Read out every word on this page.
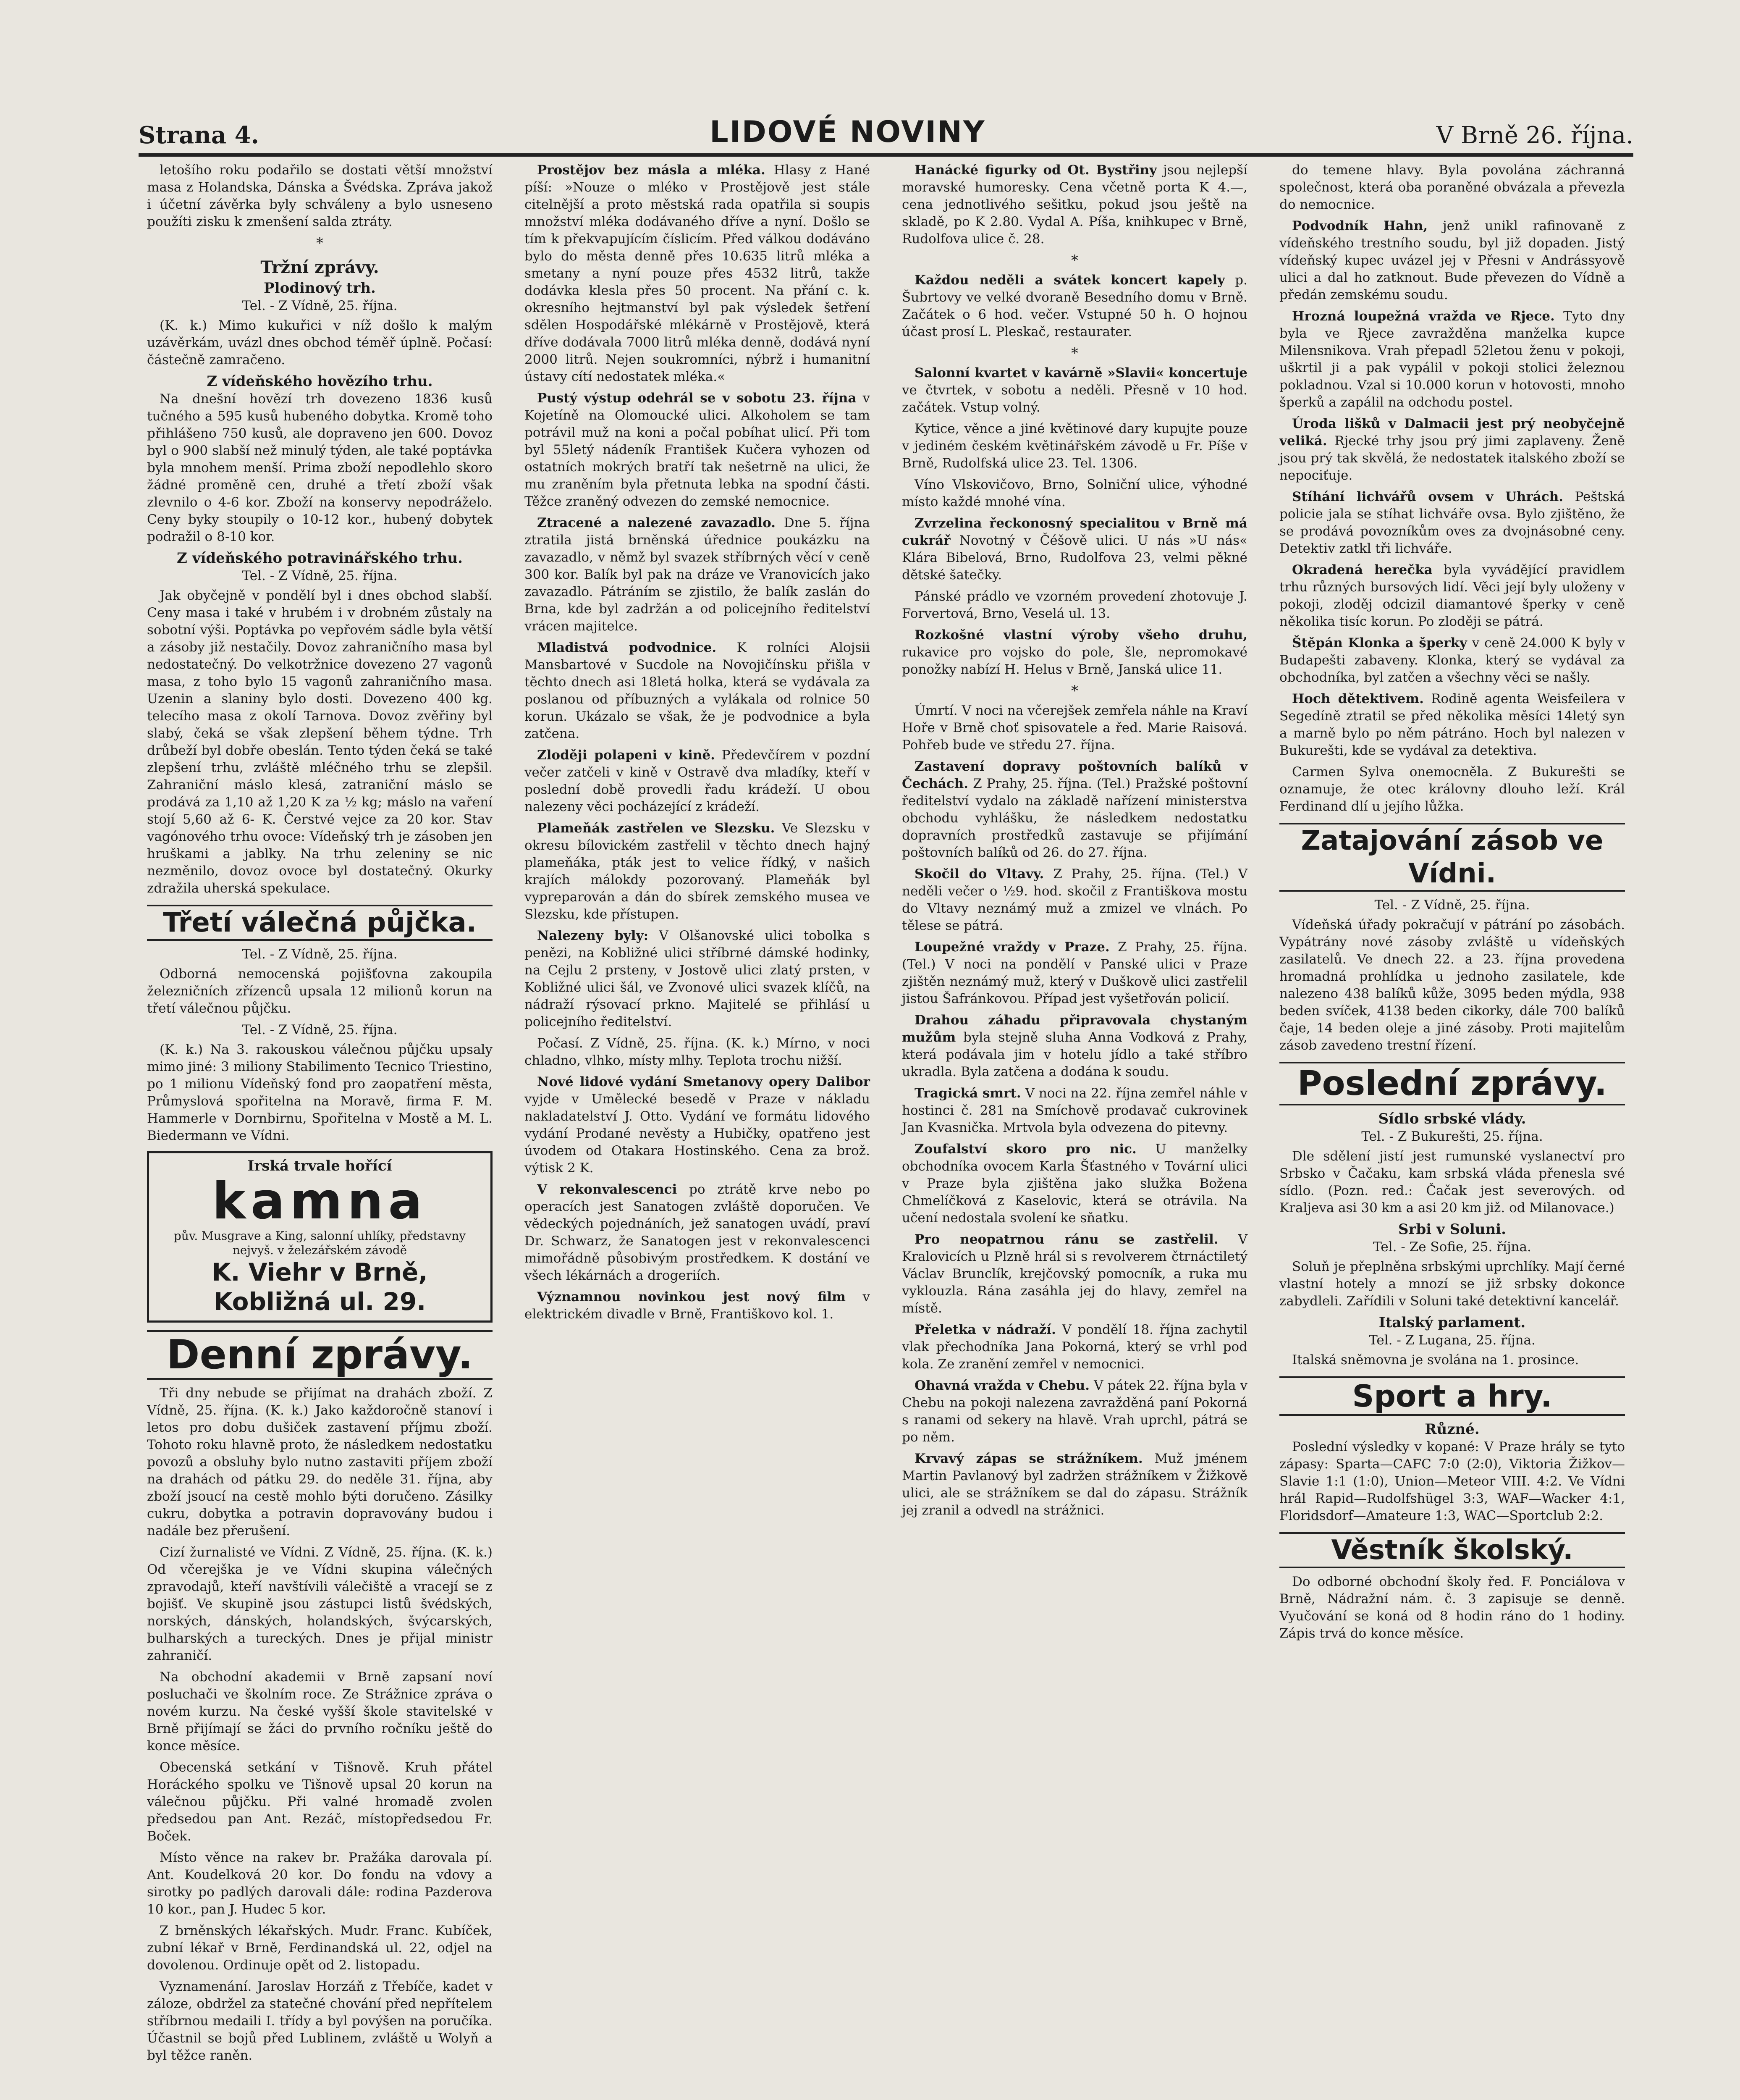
Strana 4.	LIDOVÉ NOVINY	V Brně 26. října.

letošího roku podařilo se dostati větší množství masa z Holandska, Dánska a Švédska. Zpráva jakož i účetní závěrka byly schváleny a bylo usneseno použíti zisku k zmenšení salda ztráty.

*
Tržní zprávy.
Plodinový trh.
Tel. - Z Vídně, 25. října.

(K. k.) Mimo kukuřici v níž došlo k malým uzávěrkám, uvázl dnes obchod téměř úplně. Počasí: částečně zamračeno.

Z vídeňského hovězího trhu.

Na dnešní hovězí trh dovezeno 1836 kusů tučného a 595 kusů hubeného dobytka. Kromě toho přihlášeno 750 kusů, ale dopraveno jen 600. Dovoz byl o 900 slabší než minulý týden, ale také poptávka byla mnohem menší. Prima zboží nepodlehlo skoro žádné proměně cen, druhé a třetí zboží však zlevnilo o 4-6 kor. Zboží na konservy nepodráželo. Ceny byky stoupily o 10-12 kor., hubený dobytek podražil o 8-10 kor.

Z vídeňského potravinářského trhu.
Tel. - Z Vídně, 25. října.

Jak obyčejně v pondělí byl i dnes obchod slabší. Ceny masa i také v hrubém i v drobném zůstaly na sobotní výši. Poptávka po vepřovém sádle byla větší a zásoby již nestačily. Dovoz zahraničního masa byl nedostatečný. Do velkotržnice dovezeno 27 vagonů masa, z toho bylo 15 vagonů zahraničního masa. Uzenin a slaniny bylo dosti. Dovezeno 400 kg. telecího masa z okolí Tarnova. Dovoz zvěřiny byl slabý, čeká se však zlepšení během týdne. Trh drůbeží byl dobře obeslán. Tento týden čeká se také zlepšení trhu, zvláště mléčného trhu se zlepšil. Zahraniční máslo klesá, zatraniční máslo se prodává za 1,10 až 1,20 K za ½ kg; máslo na vaření stojí 5,60 až 6- K. Čerstvé vejce za 20 kor. Stav vagónového trhu ovoce: Vídeňský trh je zásoben jen hruškami a jablky. Na trhu zeleniny se nic nezměnilo, dovoz ovoce byl dostatečný. Okurky zdražila uherská spekulace.

Třetí válečná půjčka.
Tel. - Z Vídně, 25. října.

Odborná nemocenská pojišťovna zakoupila železničních zřízenců upsala 12 milionů korun na třetí válečnou půjčku.

Tel. - Z Vídně, 25. října.

(K. k.) Na 3. rakouskou válečnou půjčku upsaly mimo jiné: 3 miliony Stabilimento Tecnico Triestino, po 1 milionu Vídeňský fond pro zaopatření města, Průmyslová spořitelna na Moravě, firma F. M. Hammerle v Dornbirnu, Spořitelna v Mostě a M. L. Biedermann ve Vídni.

Irská trvale hořící
kamna
pův. Musgrave a King, salonní uhlíky, představny nejvyš. v železářském závodě
K. Viehr v Brně, Kobližná ul. 29.
Denní zprávy.

Tři dny nebude se přijímat na drahách zboží. Z Vídně, 25. října. (K. k.) Jako každoročně stanoví i letos pro dobu dušiček zastavení příjmu zboží. Tohoto roku hlavně proto, že následkem nedostatku povozů a obsluhy bylo nutno zastaviti příjem zboží na drahách od pátku 29. do neděle 31. října, aby zboží jsoucí na cestě mohlo býti doručeno. Zásilky cukru, dobytka a potravin dopravovány budou i nadále bez přerušení.

Cizí žurnalisté ve Vídni. Z Vídně, 25. října. (K. k.) Od včerejška je ve Vídni skupina válečných zpravodajů, kteří navštívili válečiště a vracejí se z bojišť. Ve skupině jsou zástupci listů švédských, norských, dánských, holandských, švýcarských, bulharských a tureckých. Dnes je přijal ministr zahraničí.

Na obchodní akademii v Brně zapsaní noví posluchači ve školním roce. Ze Strážnice zpráva o novém kurzu. Na české vyšší škole stavitelské v Brně přijímají se žáci do prvního ročníku ještě do konce měsíce.

Obecenská setkání v Tišnově. Kruh přátel Horáckého spolku ve Tišnově upsal 20 korun na válečnou půjčku. Při valné hromadě zvolen předsedou pan Ant. Rezáč, místopředsedou Fr. Boček.

Místo věnce na rakev br. Pražáka darovala pí. Ant. Koudelková 20 kor. Do fondu na vdovy a sirotky po padlých darovali dále: rodina Pazderova 10 kor., pan J. Hudec 5 kor.

Z brněnských lékařských. Mudr. Franc. Kubíček, zubní lékař v Brně, Ferdinandská ul. 22, odjel na dovolenou. Ordinuje opět od 2. listopadu.

Vyznamenání. Jaroslav Horzáň z Třebíče, kadet v záloze, obdržel za statečné chování před nepřítelem stříbrnou medaili I. třídy a byl povýšen na poručíka. Účastnil se bojů před Lublinem, zvláště u Wolyň a byl těžce raněn.

Prostějov bez másla a mléka. Hlasy z Hané píší: »Nouze o mléko v Prostějově jest stále citelnější a proto městská rada opatřila si soupis množství mléka dodávaného dříve a nyní. Došlo se tím k překvapujícím číslicím. Před válkou dodáváno bylo do města denně přes 10.635 litrů mléka a smetany a nyní pouze přes 4532 litrů, takže dodávka klesla přes 50 procent. Na přání c. k. okresního hejtmanství byl pak výsledek šetření sdělen Hospodářské mlékárně v Prostějově, která dříve dodávala 7000 litrů mléka denně, dodává nyní 2000 litrů. Nejen soukromníci, nýbrž i humanitní ústavy cítí nedostatek mléka.«

Pustý výstup odehrál se v sobotu 23. října v Kojetíně na Olomoucké ulici. Alkoholem se tam potrávil muž na koni a počal pobíhat ulicí. Při tom byl 55letý nádeník František Kučera vyhozen od ostatních mokrých bratří tak nešetrně na ulici, že mu zraněním byla přetnuta lebka na spodní části. Těžce zraněný odvezen do zemské nemocnice.

Ztracené a nalezené zavazadlo. Dne 5. října ztratila jistá brněnská úřednice poukázku na zavazadlo, v němž byl svazek stříbrných věcí v ceně 300 kor. Balík byl pak na dráze ve Vranovicích jako zavazadlo. Pátráním se zjistilo, že balík zaslán do Brna, kde byl zadržán a od policejního ředitelství vrácen majitelce.

Mladistvá podvodnice. K rolníci Alojsii Mansbartové v Sucdole na Novojičínsku přišla v těchto dnech asi 18letá holka, která se vydávala za poslanou od příbuzných a vylákala od rolnice 50 korun. Ukázalo se však, že je podvodnice a byla zatčena.

Zloději polapeni v kině. Předevčírem v pozdní večer zatčeli v kině v Ostravě dva mladíky, kteří v poslední době provedli řadu krádeží. U obou nalezeny věci pocházející z krádeží.

Plameňák zastřelen ve Slezsku. Ve Slezsku v okresu bílovickém zastřelil v těchto dnech hajný plameňáka, pták jest to velice řídký, v našich krajích málokdy pozorovaný. Plameňák byl vypreparován a dán do sbírek zemského musea ve Slezsku, kde přístupen.

Nalezeny byly: V Olšanovské ulici tobolka s penězi, na Kobližné ulici stříbrné dámské hodinky, na Cejlu 2 prsteny, v Jostově ulici zlatý prsten, v Kobližné ulici šál, ve Zvonové ulici svazek klíčů, na nádraží rýsovací prkno. Majitelé se přihlásí u policejního ředitelství.

Počasí. Z Vídně, 25. října. (K. k.) Mírno, v noci chladno, vlhko, místy mlhy. Teplota trochu nižší.

Nové lidové vydání Smetanovy opery Dalibor vyjde v Umělecké besedě v Praze v nákladu nakladatelství J. Otto. Vydání ve formátu lidového vydání Prodané nevěsty a Hubičky, opatřeno jest úvodem od Otakara Hostinského. Cena za brož. výtisk 2 K.

V rekonvalescenci po ztrátě krve nebo po operacích jest Sanatogen zvláště doporučen. Ve vědeckých pojednáních, jež sanatogen uvádí, praví Dr. Schwarz, že Sanatogen jest v rekonvalescenci mimořádně působivým prostředkem. K dostání ve všech lékárnách a drogeriích.

Významnou novinkou jest nový film v elektrickém divadle v Brně, Františkovo kol. 1.

Hanácké figurky od Ot. Bystřiny jsou nejlepší moravské humoresky. Cena včetně porta K 4.—, cena jednotlivého sešitku, pokud jsou ještě na skladě, po K 2.80. Vydal A. Píša, knihkupec v Brně, Rudolfova ulice č. 28.

*

Každou neděli a svátek koncert kapely p. Šubrtovy ve velké dvoraně Besedního domu v Brně. Začátek o 6 hod. večer. Vstupné 50 h. O hojnou účast prosí L. Pleskač, restaurater.

*

Salonní kvartet v kavárně »Slavii« koncertuje ve čtvrtek, v sobotu a neděli. Přesně v 10 hod. začátek. Vstup volný.

Kytice, věnce a jiné květinové dary kupujte pouze v jediném českém květinářském závodě u Fr. Píše v Brně, Rudolfská ulice 23. Tel. 1306.

Víno Vlskovičovo, Brno, Solniční ulice, výhodné místo každé mnohé vína.

Zvrzelina řeckonosný specialitou v Brně má cukrář Novotný v Čéšově ulici. U nás »U nás« Klára Bibelová, Brno, Rudolfova 23, velmi pěkné dětské šatečky.

Pánské prádlo ve vzorném provedení zhotovuje J. Forvertová, Brno, Veselá ul. 13.

Rozkošné vlastní výroby všeho druhu, rukavice pro vojsko do pole, šle, nepromokavé ponožky nabízí H. Helus v Brně, Janská ulice 11.

*

Úmrtí. V noci na včerejšek zemřela náhle na Kraví Hoře v Brně choť spisovatele a řed. Marie Raisová. Pohřeb bude ve středu 27. října.

Zastavení dopravy poštovních balíků v Čechách. Z Prahy, 25. října. (Tel.) Pražské poštovní ředitelství vydalo na základě nařízení ministerstva obchodu vyhlášku, že následkem nedostatku dopravních prostředků zastavuje se přijímání poštovních balíků od 26. do 27. října.

Skočil do Vltavy. Z Prahy, 25. října. (Tel.) V neděli večer o ½9. hod. skočil z Františkova mostu do Vltavy neznámý muž a zmizel ve vlnách. Po tělese se pátrá.

Loupežné vraždy v Praze. Z Prahy, 25. října. (Tel.) V noci na pondělí v Panské ulici v Praze zjištěn neznámý muž, který v Duškově ulici zastřelil jistou Šafránkovou. Případ jest vyšetřován policií.

Drahou záhadu připravovala chystaným mužům byla stejně sluha Anna Vodková z Prahy, která podávala jim v hotelu jídlo a také stříbro ukradla. Byla zatčena a dodána k soudu.

Tragická smrt. V noci na 22. října zemřel náhle v hostinci č. 281 na Smíchově prodavač cukrovinek Jan Kvasnička. Mrtvola byla odvezena do pitevny.

Zoufalství skoro pro nic. U manželky obchodníka ovocem Karla Šťastného v Tovární ulici v Praze byla zjištěna jako služka Božena Chmelíčková z Kaselovic, která se otrávila. Na učení nedostala svolení ke sňatku.

Pro neopatrnou ránu se zastřelil. V Kralovicích u Plzně hrál si s revolverem čtrnáctiletý Václav Brunclík, krejčovský pomocník, a ruka mu vyklouzla. Rána zasáhla jej do hlavy, zemřel na místě.

Přeletka v nádraží. V pondělí 18. října zachytil vlak přechodníka Jana Pokorná, který se vrhl pod kola. Ze zranění zemřel v nemocnici.

Ohavná vražda v Chebu. V pátek 22. října byla v Chebu na pokoji nalezena zavražděná paní Pokorná s ranami od sekery na hlavě. Vrah uprchl, pátrá se po něm.

Krvavý zápas se strážníkem. Muž jménem Martin Pavlanový byl zadržen strážníkem v Žižkově ulici, ale se strážníkem se dal do zápasu. Strážník jej zranil a odvedl na strážnici.

do temene hlavy. Byla povolána záchranná společnost, která oba poraněné obvázala a převezla do nemocnice.

Podvodník Hahn, jenž unikl rafinovaně z vídeňského trestního soudu, byl již dopaden. Jistý vídeňský kupec uvázel jej v Přesni v Andrássyově ulici a dal ho zatknout. Bude převezen do Vídně a předán zemskému soudu.

Hrozná loupežná vražda ve Rjece. Tyto dny byla ve Rjece zavražděna manželka kupce Milensnikova. Vrah přepadl 52letou ženu v pokoji, uškrtil ji a pak vypálil v pokoji stolici železnou pokladnou. Vzal si 10.000 korun v hotovosti, mnoho šperků a zapálil na odchodu postel.

Úroda lišků v Dalmacii jest prý neobyčejně veliká. Rjecké trhy jsou prý jimi zaplaveny. Ženě jsou prý tak skvělá, že nedostatek italského zboží se nepociťuje.

Stíhání lichvářů ovsem v Uhrách. Peštská policie jala se stíhat lichváře ovsa. Bylo zjištěno, že se prodává povozníkům oves za dvojnásobné ceny. Detektiv zatkl tři lichváře.

Okradená herečka byla vyvádějící pravidlem trhu různých bursových lidí. Věci její byly uloženy v pokoji, zloděj odcizil diamantové šperky v ceně několika tisíc korun. Po zloději se pátrá.

Štěpán Klonka a šperky v ceně 24.000 K byly v Budapešti zabaveny. Klonka, který se vydával za obchodníka, byl zatčen a všechny věci se našly.

Hoch dětektivem. Rodině agenta Weisfeilera v Segedíně ztratil se před několika měsíci 14letý syn a marně bylo po něm pátráno. Hoch byl nalezen v Bukurešti, kde se vydával za detektiva.

Carmen Sylva onemocněla. Z Bukurešti se oznamuje, že otec královny dlouho leží. Král Ferdinand dlí u jejího lůžka.

Zatajování zásob ve Vídni.
Tel. - Z Vídně, 25. října.

Vídeňská úřady pokračují v pátrání po zásobách. Vypátrány nové zásoby zvláště u vídeňských zasilatelů. Ve dnech 22. a 23. října provedena hromadná prohlídka u jednoho zasilatele, kde nalezeno 438 balíků kůže, 3095 beden mýdla, 938 beden svíček, 4138 beden cikorky, dále 700 balíků čaje, 14 beden oleje a jiné zásoby. Proti majitelům zásob zavedeno trestní řízení.

Poslední zprávy.
Sídlo srbské vlády.
Tel. - Z Bukurešti, 25. října.

Dle sdělení jistí jest rumunské vyslanectví pro Srbsko v Čačaku, kam srbská vláda přenesla své sídlo. (Pozn. red.: Čačak jest severových. od Kraljeva asi 30 km a asi 20 km již. od Milanovace.)

Srbi v Soluni.
Tel. - Ze Sofie, 25. října.

Soluň je přeplněna srbskými uprchlíky. Mají černé vlastní hotely a mnozí se již srbsky dokonce zabydleli. Zařídili v Soluni také detektivní kancelář.

Italský parlament.
Tel. - Z Lugana, 25. října.

Italská sněmovna je svolána na 1. prosince.

Sport a hry.
Různé.

Poslední výsledky v kopané: V Praze hrály se tyto zápasy: Sparta—CAFC 7:0 (2:0), Viktoria Žižkov—Slavie 1:1 (1:0), Union—Meteor VIII. 4:2. Ve Vídni hrál Rapid—Rudolfshügel 3:3, WAF—Wacker 4:1, Floridsdorf—Amateure 1:3, WAC—Sportclub 2:2.

Věstník školský.

Do odborné obchodní školy řed. F. Ponciálova v Brně, Nádražní nám. č. 3 zapisuje se denně. Vyučování se koná od 8 hodin ráno do 1 hodiny. Zápis trvá do konce měsíce.
